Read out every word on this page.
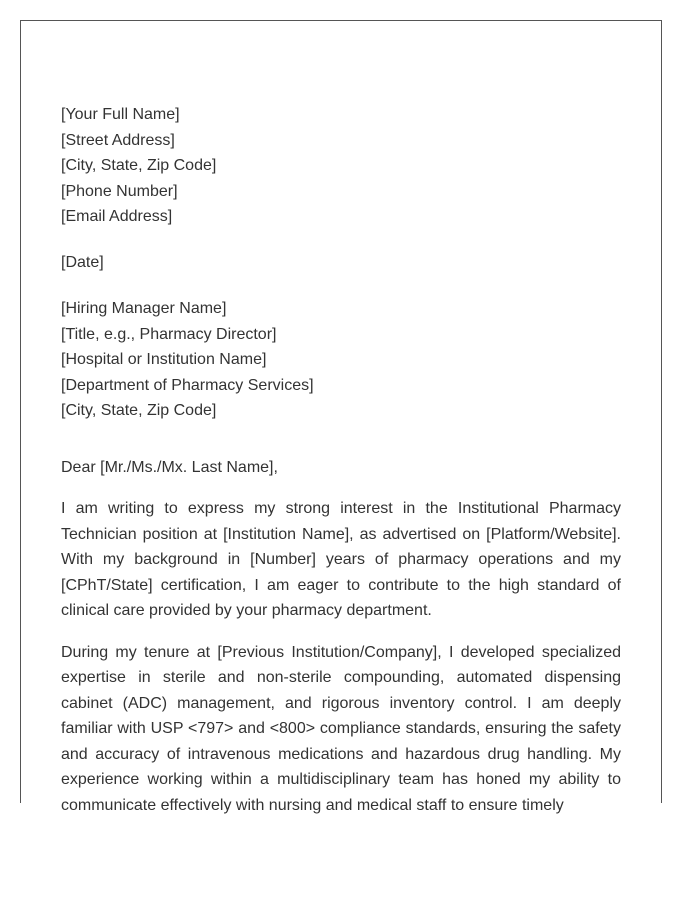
[Your Full Name]
[Street Address]
[City, State, Zip Code]
[Phone Number]
[Email Address]
[Date]
[Hiring Manager Name]
[Title, e.g., Pharmacy Director]
[Hospital or Institution Name]
[Department of Pharmacy Services]
[City, State, Zip Code]
Dear [Mr./Ms./Mx. Last Name],

I am writing to express my strong interest in the Institutional Pharmacy Technician position at [Institution Name], as advertised on [Platform/Website]. With my background in [Number] years of pharmacy operations and my [CPhT/State] certification, I am eager to contribute to the high standard of clinical care provided by your pharmacy department.

During my tenure at [Previous Institution/Company], I developed specialized expertise in sterile and non-sterile compounding, automated dispensing cabinet (ADC) management, and rigorous inventory control. I am deeply familiar with USP <797> and <800> compliance standards, ensuring the safety and accuracy of intravenous medications and hazardous drug handling. My experience working within a multidisciplinary team has honed my ability to communicate effectively with nursing and medical staff to ensure timely
